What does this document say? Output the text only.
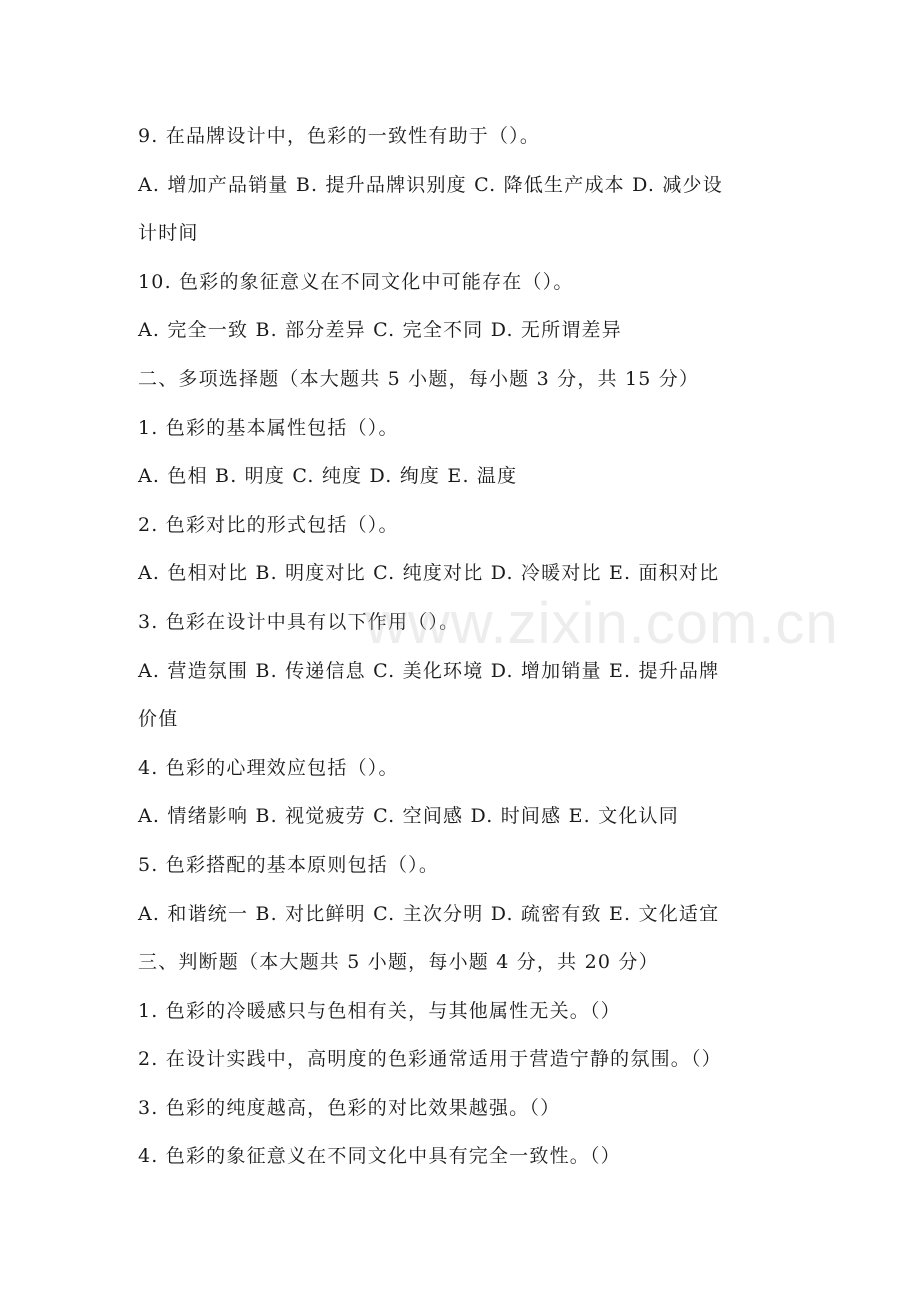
9. 在品牌设计中，色彩的一致性有助于（）。
A. 增加产品销量 B. 提升品牌识别度 C. 降低生产成本 D. 减少设
计时间
10. 色彩的象征意义在不同文化中可能存在（）。
A. 完全一致 B. 部分差异 C. 完全不同 D. 无所谓差异
二、多项选择题（本大题共 5 小题，每小题 3 分，共 15 分）
1. 色彩的基本属性包括（）。
A. 色相 B. 明度 C. 纯度 D. 绚度 E. 温度
2. 色彩对比的形式包括（）。
A. 色相对比 B. 明度对比 C. 纯度对比 D. 冷暖对比 E. 面积对比
3. 色彩在设计中具有以下作用（）。
A. 营造氛围 B. 传递信息 C. 美化环境 D. 增加销量 E. 提升品牌
价值
4. 色彩的心理效应包括（）。
A. 情绪影响 B. 视觉疲劳 C. 空间感 D. 时间感 E. 文化认同
5. 色彩搭配的基本原则包括（）。
A. 和谐统一 B. 对比鲜明 C. 主次分明 D. 疏密有致 E. 文化适宜
三、判断题（本大题共 5 小题，每小题 4 分，共 20 分）
1. 色彩的冷暖感只与色相有关，与其他属性无关。（）
2. 在设计实践中，高明度的色彩通常适用于营造宁静的氛围。（）
3. 色彩的纯度越高，色彩的对比效果越强。（）
4. 色彩的象征意义在不同文化中具有完全一致性。（）
www.zixin.com.cn
